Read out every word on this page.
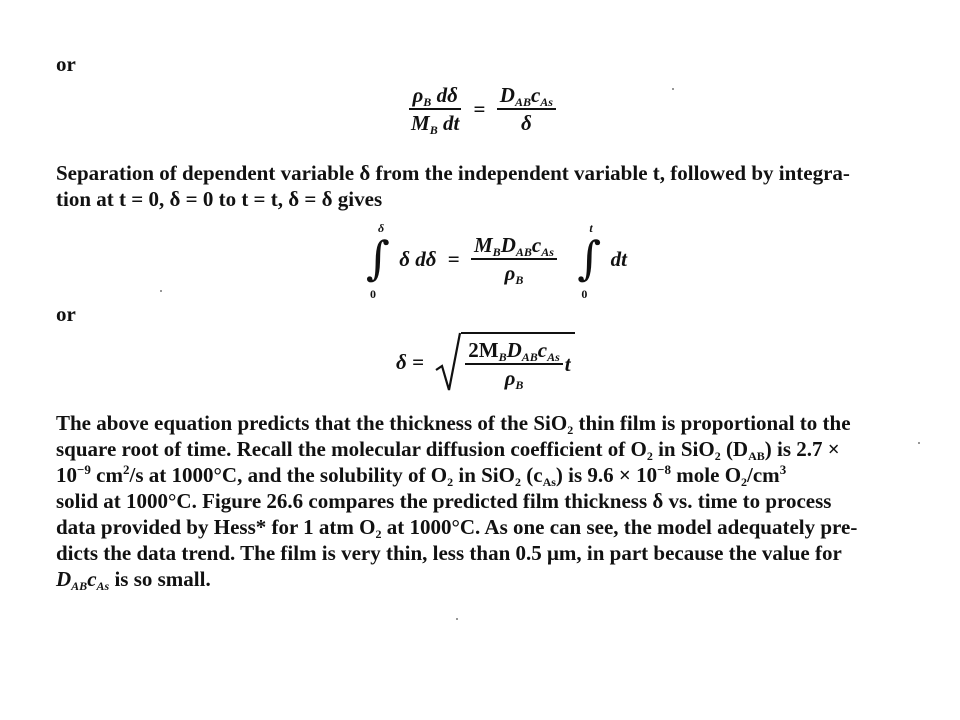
or
$\frac{\rho_B d\delta}{M_B dt} = \frac{D_{AB}c_{As}}{\delta}$
Separation of dependent variable δ from the independent variable t, followed by integra-
tion at t = 0, δ = 0 to t = t, δ = δ gives
∫
δ
0
δ $d\delta = \frac{M_BD_{AB}c_{As}}{\rho_B}$
∫
t
0
dt
or
$\delta = \frac{2M_BD_{AB}c_{As}}{\rho_B}$ t
The above equation predicts that the thickness of the SiO$_2$ thin film is proportional to the
square root of time. Recall the molecular diffusion coefficient of $O_2$ in SiO$_2$ $(D_{AB})$ is 2.7 ×
$10^{-9}$ $cm^2/s$ at 1000°C, and the solubility of $O_2$ in SiO$_2$ $(c_{As})$ is $9.6 \times 10^{-8}$ mole $O_2/cm^3$
solid at 1000°C. Figure 26.6 compares the predicted film thickness δ vs. time to process
data provided by Hess* for 1 atm $O_2$ at 1000°C. As one can see, the model adequately pre-
dicts the data trend. The film is very thin, less than 0.5 μm, in part because the value for
$D_{AB}c_{As}$ is so small.
